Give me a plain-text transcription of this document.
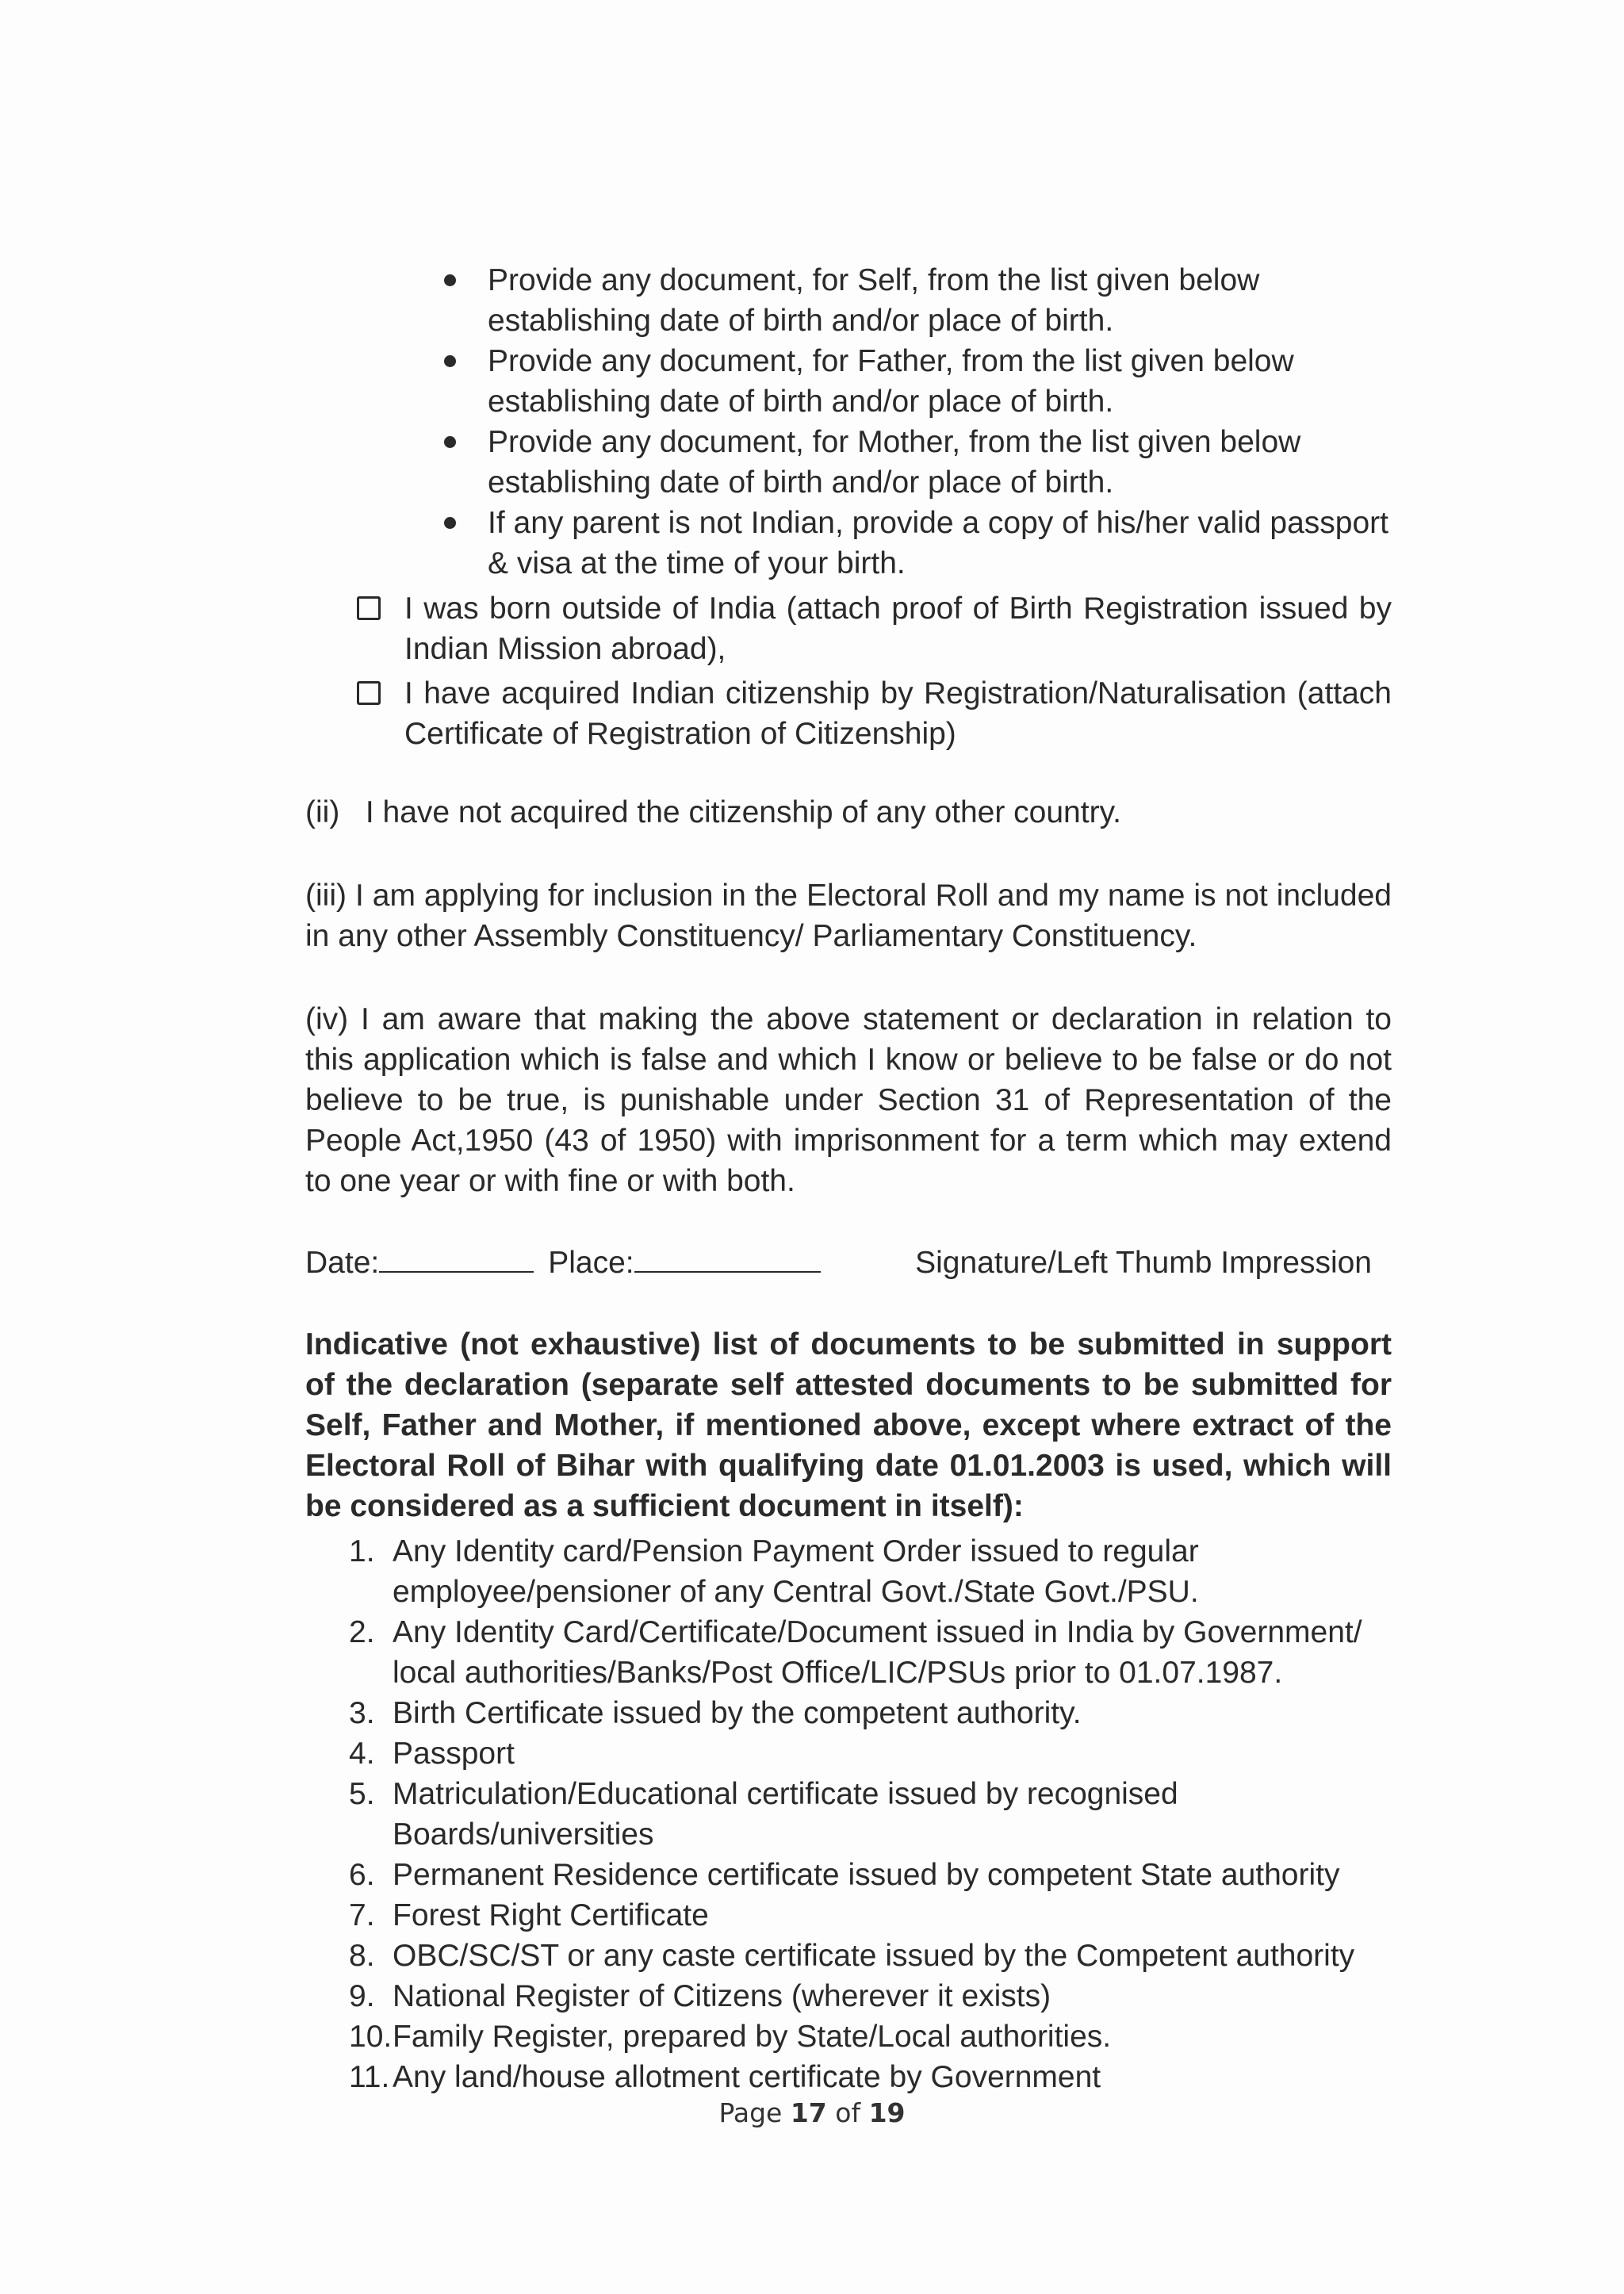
Provide any document, for Self, from the list given below establishing date of birth and/or place of birth.
Provide any document, for Father, from the list given below establishing date of birth and/or place of birth.
Provide any document, for Mother, from the list given below establishing date of birth and/or place of birth.
If any parent is not Indian, provide a copy of his/her valid passport & visa at the time of your birth.
I was born outside of India (attach proof of Birth Registration issued by Indian Mission abroad),
I have acquired Indian citizenship by Registration/Naturalisation (attach Certificate of Registration of Citizenship)

(ii) I have not acquired the citizenship of any other country.

(iii) I am applying for inclusion in the Electoral Roll and my name is not included in any other Assembly Constituency/ Parliamentary Constituency.

(iv) I am aware that making the above statement or declaration in relation to this application which is false and which I know or believe to be false or do not believe to be true, is punishable under Section 31 of Representation of the People Act,1950 (43 of 1950) with imprisonment for a term which may extend to one year or with fine or with both.

Date:	Place:	Signature/Left Thumb Impression

Indicative (not exhaustive) list of documents to be submitted in support of the declaration (separate self attested documents to be submitted for Self, Father and Mother, if mentioned above, except where extract of the Electoral Roll of Bihar with qualifying date 01.01.2003 is used, which will be considered as a sufficient document in itself):

1. Any Identity card/Pension Payment Order issued to regular employee/pensioner of any Central Govt./State Govt./PSU.
2. Any Identity Card/Certificate/Document issued in India by Government/ local authorities/Banks/Post Office/LIC/PSUs prior to 01.07.1987.
3. Birth Certificate issued by the competent authority.
4. Passport
5. Matriculation/Educational certificate issued by recognised Boards/universities
6. Permanent Residence certificate issued by competent State authority
7. Forest Right Certificate
8. OBC/SC/ST or any caste certificate issued by the Competent authority
9. National Register of Citizens (wherever it exists)
10. Family Register, prepared by State/Local authorities.
11. Any land/house allotment certificate by Government
Page 17 of 19
